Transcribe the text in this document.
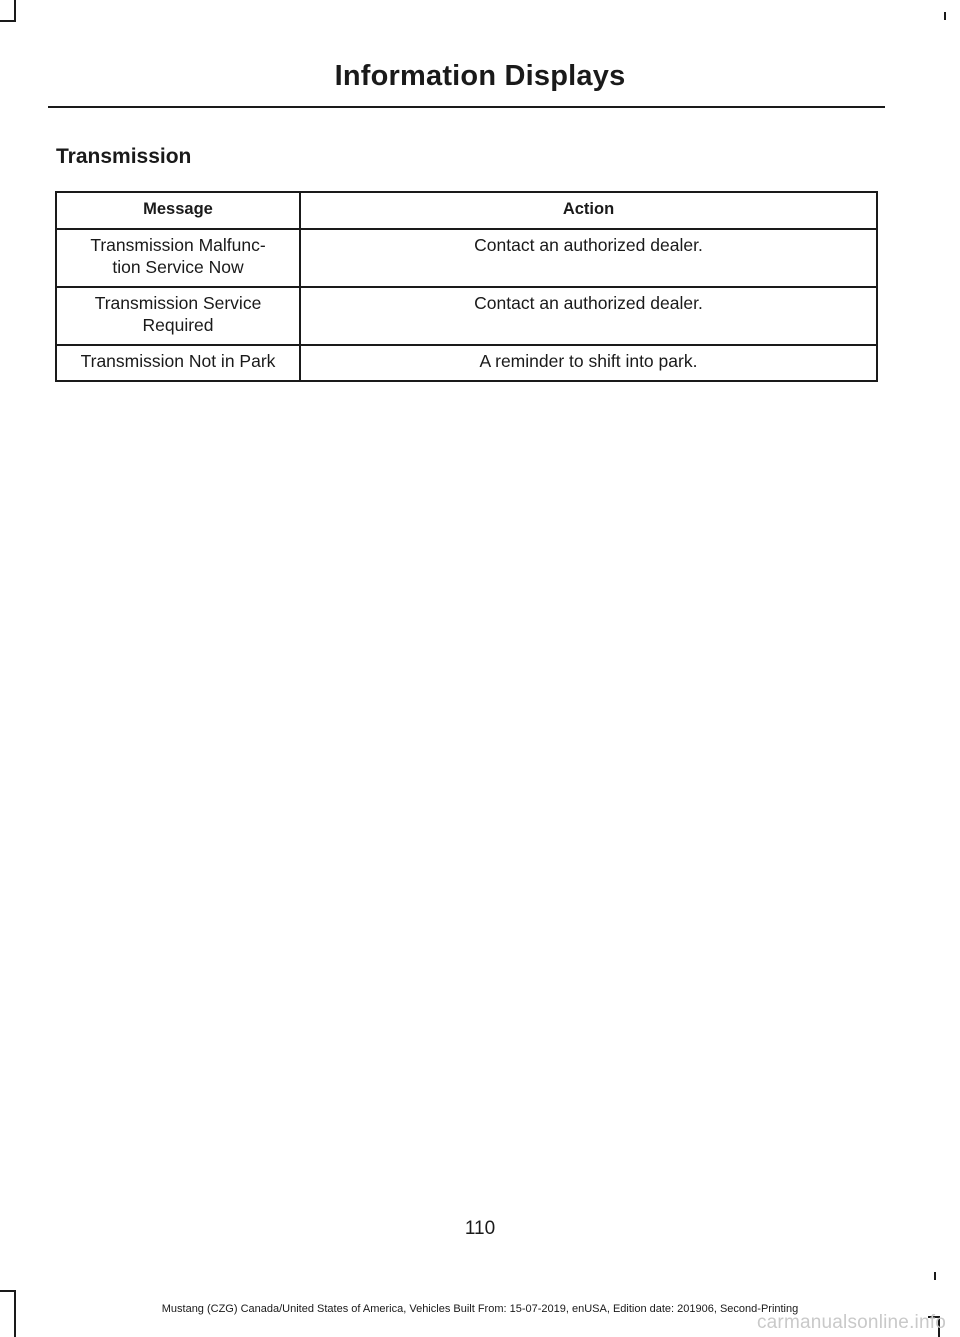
Information Displays
Transmission
Message	Action
Transmission Malfunc-
tion Service Now	Contact an authorized dealer.
Transmission Service
Required	Contact an authorized dealer.
Transmission Not in Park	A reminder to shift into park.
110
Mustang (CZG) Canada/United States of America, Vehicles Built From: 15-07-2019, enUSA, Edition date: 201906, Second-Printing
carmanualsonline.info
